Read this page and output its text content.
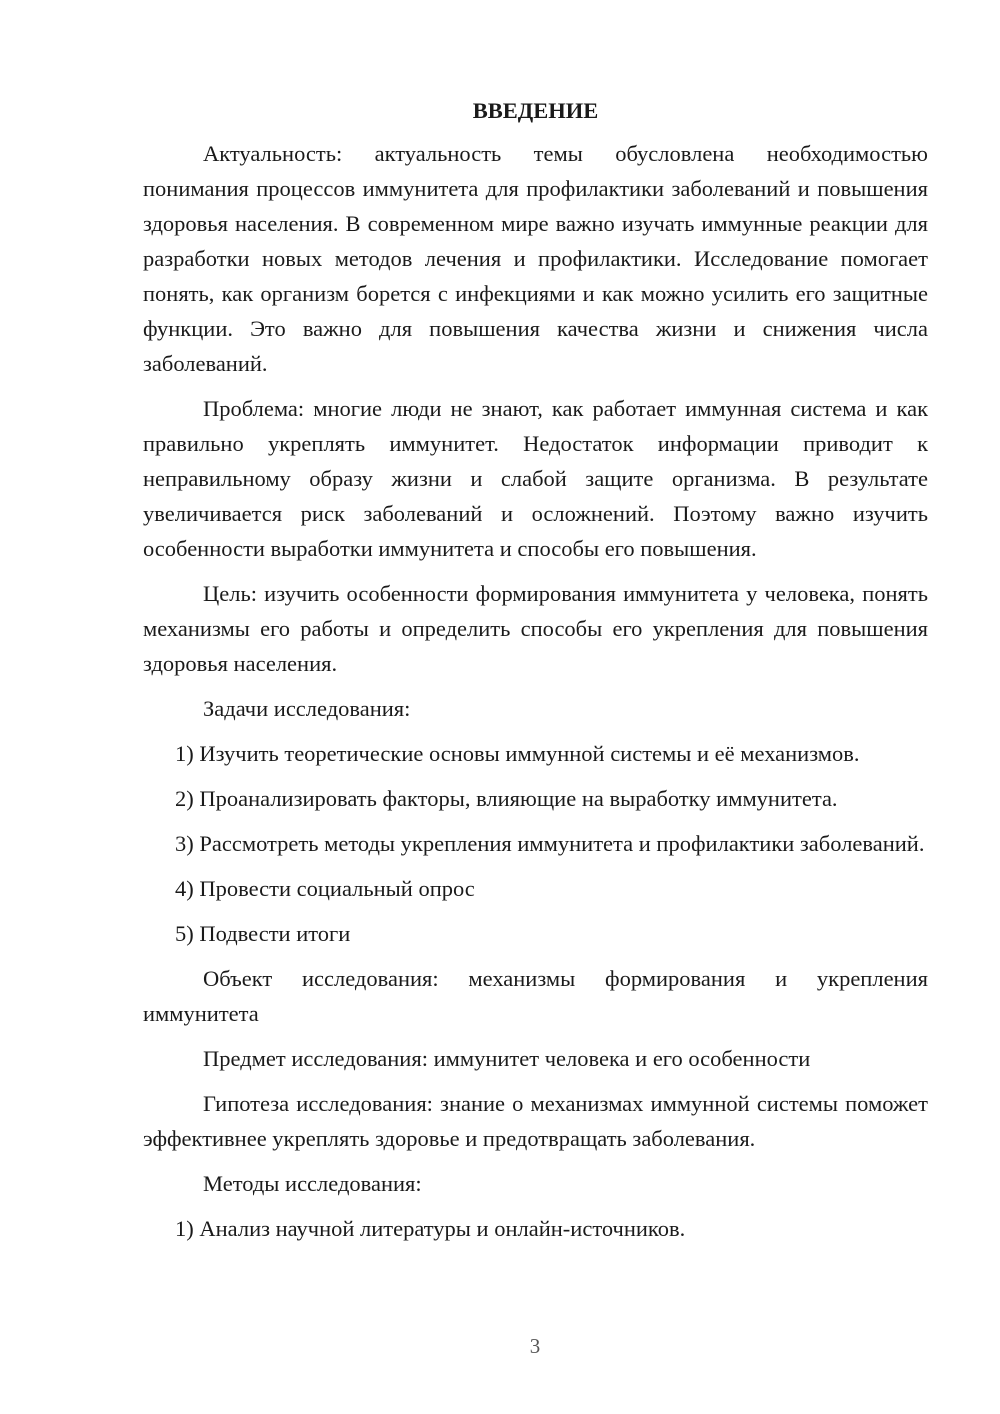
ВВЕДЕНИЕ

Актуальность: актуальность темы обусловлена необходимостью понимания процессов иммунитета для профилактики заболеваний и повышения здоровья населения. В современном мире важно изучать иммунные реакции для разработки новых методов лечения и профилактики. Исследование помогает понять, как организм борется с инфекциями и как можно усилить его защитные функции. Это важно для повышения качества жизни и снижения числа заболеваний.

Проблема: многие люди не знают, как работает иммунная система и как правильно укреплять иммунитет. Недостаток информации приводит к неправильному образу жизни и слабой защите организма. В результате увеличивается риск заболеваний и осложнений. Поэтому важно изучить особенности выработки иммунитета и способы его повышения.

Цель: изучить особенности формирования иммунитета у человека, понять механизмы его работы и определить способы его укрепления для повышения здоровья населения.

Задачи исследования:

1) Изучить теоретические основы иммунной системы и её механизмов.

2) Проанализировать факторы, влияющие на выработку иммунитета.

3) Рассмотреть методы укрепления иммунитета и профилактики заболеваний.

4) Провести социальный опрос

5) Подвести итоги

Объект исследования: механизмы формирования и укрепления иммунитета

Предмет исследования: иммунитет человека и его особенности

Гипотеза исследования: знание о механизмах иммунной системы поможет эффективнее укреплять здоровье и предотвращать заболевания.

Методы исследования:

1) Анализ научной литературы и онлайн-источников.

3
